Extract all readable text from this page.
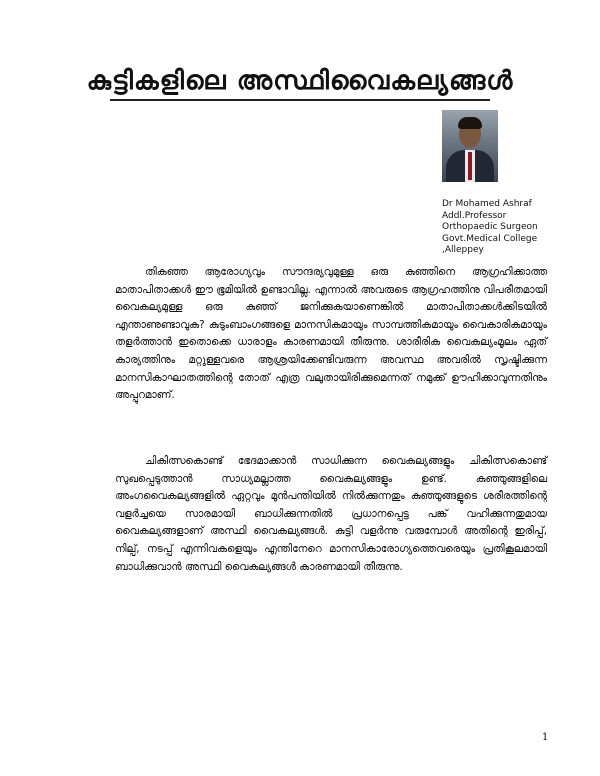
കുട്ടികളിലെ അസ്ഥിവൈകല്യങ്ങൾ
Dr Mohamed Ashraf
Addl.Professor
Orthopaedic Surgeon
Govt.Medical College
,Alleppey

തികഞ്ഞ ആരോഗ്യവും സൗന്ദര്യവുമുള്ള ഒരു കുഞ്ഞിനെ ആഗ്രഹിക്കാത്ത മാതാപിതാക്കൾ ഈ ഭൂമിയിൽ ഉണ്ടാവില്ല. എന്നാൽ അവരുടെ ആഗ്രഹത്തിനു വിപരീതമായി വൈകല്യമുള്ള ഒരു കുഞ്ഞ് ജനിക്കുകയാണെങ്കിൽ മാതാപിതാക്കൾക്കിടയിൽ എന്താണുണ്ടാവുക? കുടുംബാംഗങ്ങളെ മാനസികമായും സാമ്പത്തികമായും വൈകാരികമായും തളർത്താൻ ഇതൊക്കെ ധാരാളം കാരണമായി തീരുന്നു. ശാരീരിക വൈകല്യംമൂലം ഏത് കാര്യത്തിനും മറ്റുള്ളവരെ ആശ്രയിക്കേണ്ടിവരുന്ന അവസ്ഥ അവരിൽ സൃഷ്ടിക്കുന്ന മാനസികാഘാതത്തിന്റെ തോത് എത്ര വലുതായിരിക്കുമെന്നത് നമുക്ക് ഊഹിക്കാവുന്നതിനും അപ്പുറമാണ്.

ചികിത്സകൊണ്ട് ഭേദമാക്കാൻ സാധിക്കുന്ന വൈകല്യങ്ങളും ചികിത്സകൊണ്ട് സുഖപ്പെടുത്താൻ സാധ്യമല്ലാത്ത വൈകല്യങ്ങളും ഉണ്ട്. കുഞ്ഞുങ്ങളിലെ അംഗവൈകല്യങ്ങളിൽ ഏറ്റവും മുൻപന്തിയിൽ നിൽക്കുന്നതും കുഞ്ഞുങ്ങളുടെ ശരീരത്തിന്റെ വളർച്ചയെ സാരമായി ബാധിക്കുന്നതിൽ പ്രധാനപ്പെട്ട പങ്ക് വഹിക്കുന്നതുമായ വൈകല്യങ്ങളാണ് അസ്ഥി വൈകല്യങ്ങൾ. കുട്ടി വളർന്നു വരുമ്പോൾ അതിന്റെ ഇരിപ്പ്, നില്പ്, നടപ്പ് എന്നിവകളെയും എന്തിനേറെ മാനസികാരോഗ്യത്തെവരെയും പ്രതികൂലമായി ബാധിക്കുവാൻ അസ്ഥി വൈകല്യങ്ങൾ കാരണമായി തീരുന്നു.

1
